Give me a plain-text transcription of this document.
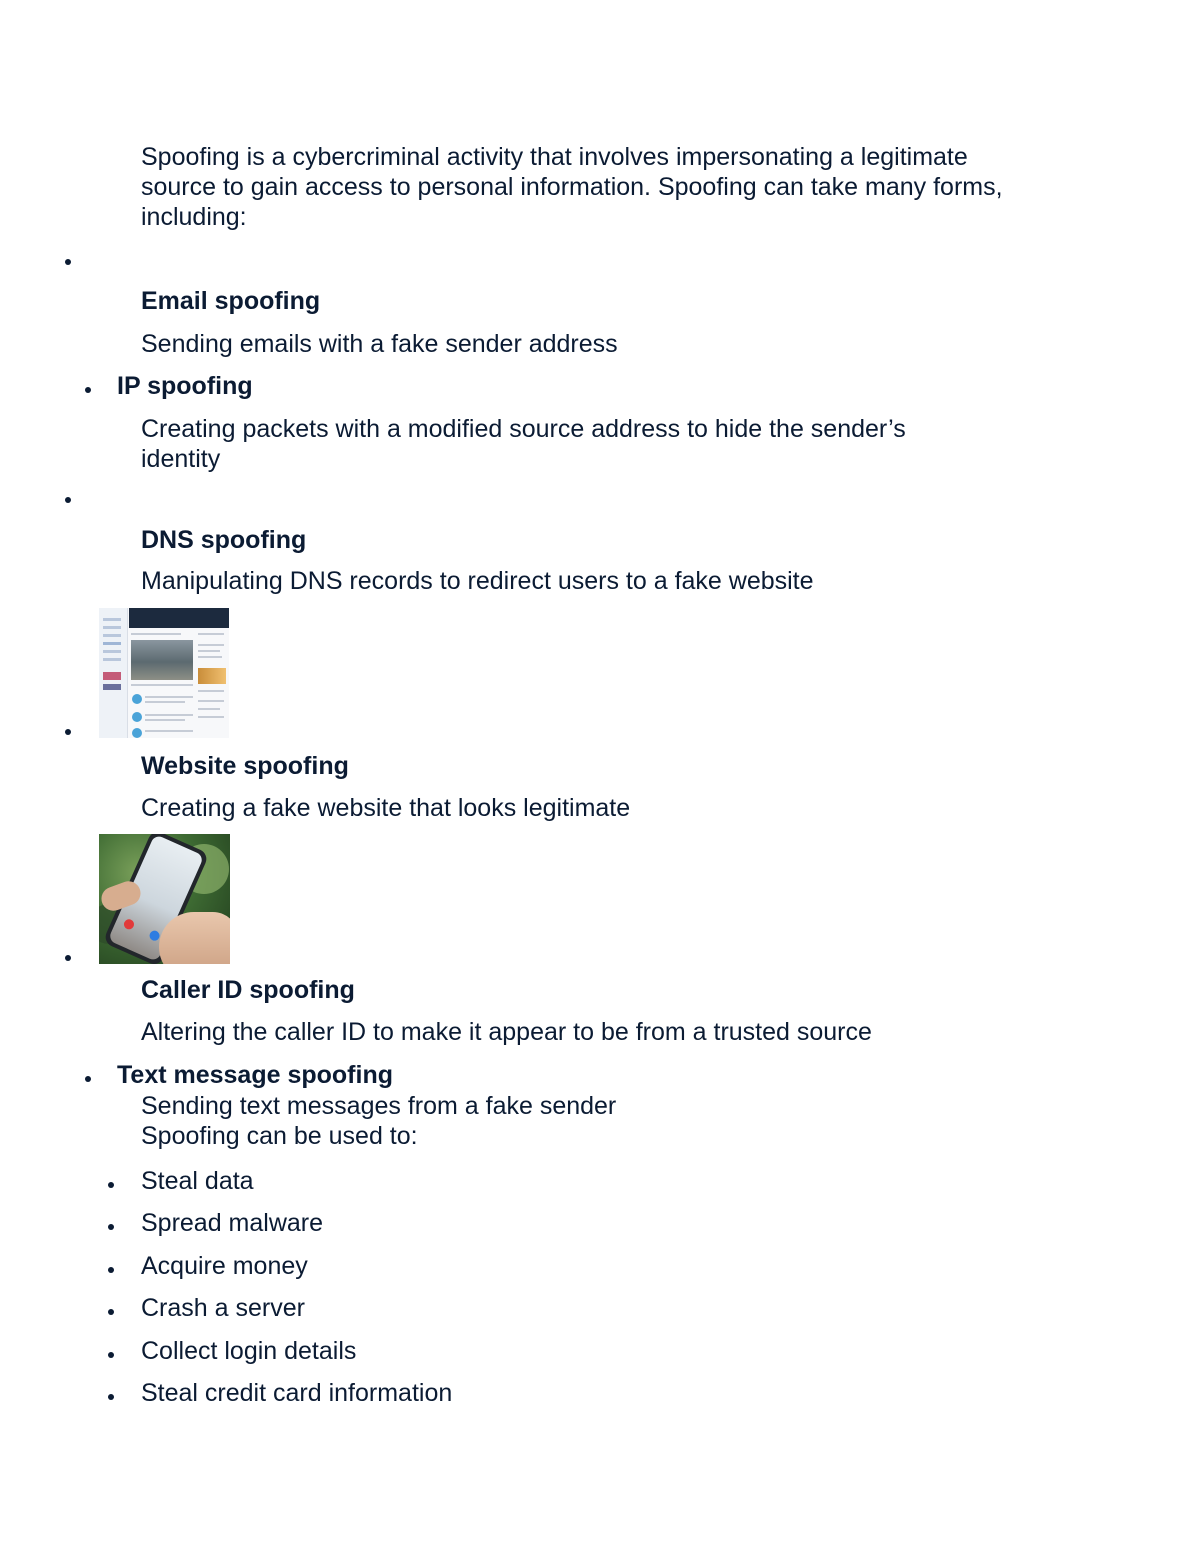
Spoofing is a cybercriminal activity that involves impersonating a legitimate
source to gain access to personal information. Spoofing can take many forms,
including:
Email spoofing
Sending emails with a fake sender address
IP spoofing
Creating packets with a modified source address to hide the sender’s
identity
DNS spoofing
Manipulating DNS records to redirect users to a fake website
Website spoofing
Creating a fake website that looks legitimate
Caller ID spoofing
Altering the caller ID to make it appear to be from a trusted source
Text message spoofing
Sending text messages from a fake sender
Spoofing can be used to:
Steal data
Spread malware
Acquire money
Crash a server
Collect login details
Steal credit card information
